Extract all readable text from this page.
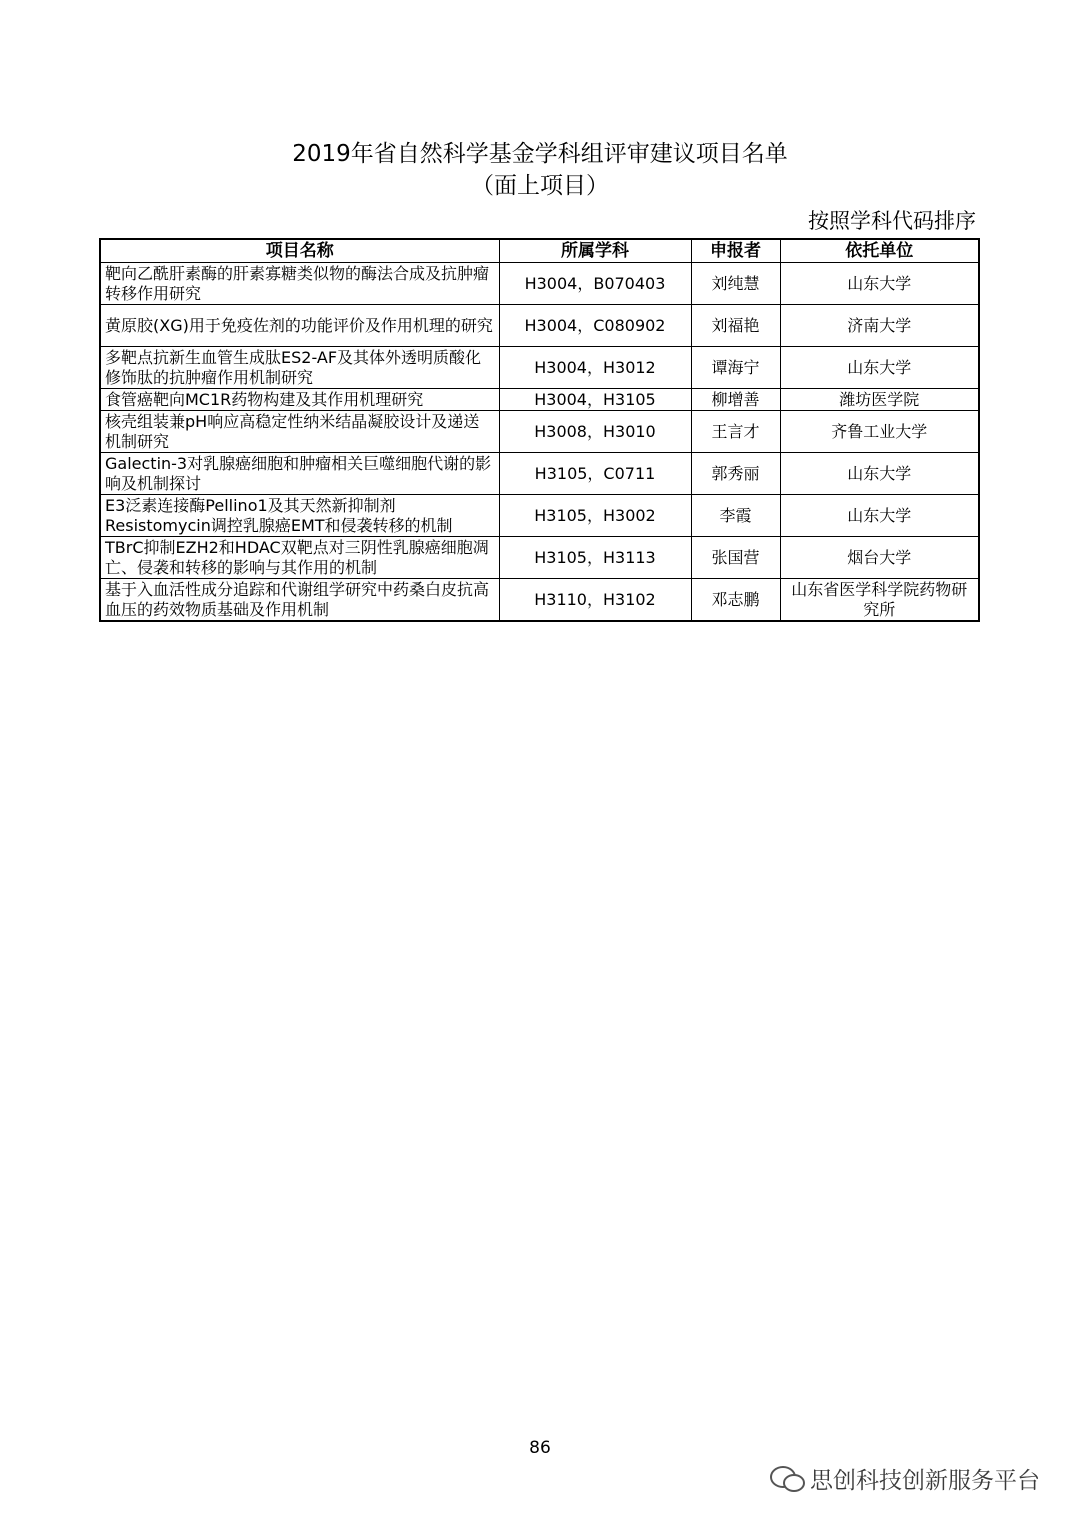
2019年省自然科学基金学科组评审建议项目名单
（面上项目）
按照学科代码排序
项目名称	所属学科	申报者	依托单位
靶向乙酰肝素酶的肝素寡糖类似物的酶法合成及抗肿瘤转移作用研究	H3004，B070403	刘纯慧	山东大学
黄原胶(XG)用于免疫佐剂的功能评价及作用机理的研究	H3004，C080902	刘福艳	济南大学
多靶点抗新生血管生成肽ES2-AF及其体外透明质酸化修饰肽的抗肿瘤作用机制研究	H3004，H3012	谭海宁	山东大学
食管癌靶向MC1R药物构建及其作用机理研究	H3004，H3105	柳增善	潍坊医学院
核壳组装兼pH响应高稳定性纳米结晶凝胶设计及递送机制研究	H3008，H3010	王言才	齐鲁工业大学
Galectin-3对乳腺癌细胞和肿瘤相关巨噬细胞代谢的影响及机制探讨	H3105，C0711	郭秀丽	山东大学
E3泛素连接酶Pellino1及其天然新抑制剂Resistomycin调控乳腺癌EMT和侵袭转移的机制	H3105，H3002	李霞	山东大学
TBrC抑制EZH2和HDAC双靶点对三阴性乳腺癌细胞凋亡、侵袭和转移的影响与其作用的机制	H3105，H3113	张国营	烟台大学
基于入血活性成分追踪和代谢组学研究中药桑白皮抗高血压的药效物质基础及作用机制	H3110，H3102	邓志鹏	山东省医学科学院药物研究所
86
思创科技创新服务平台
